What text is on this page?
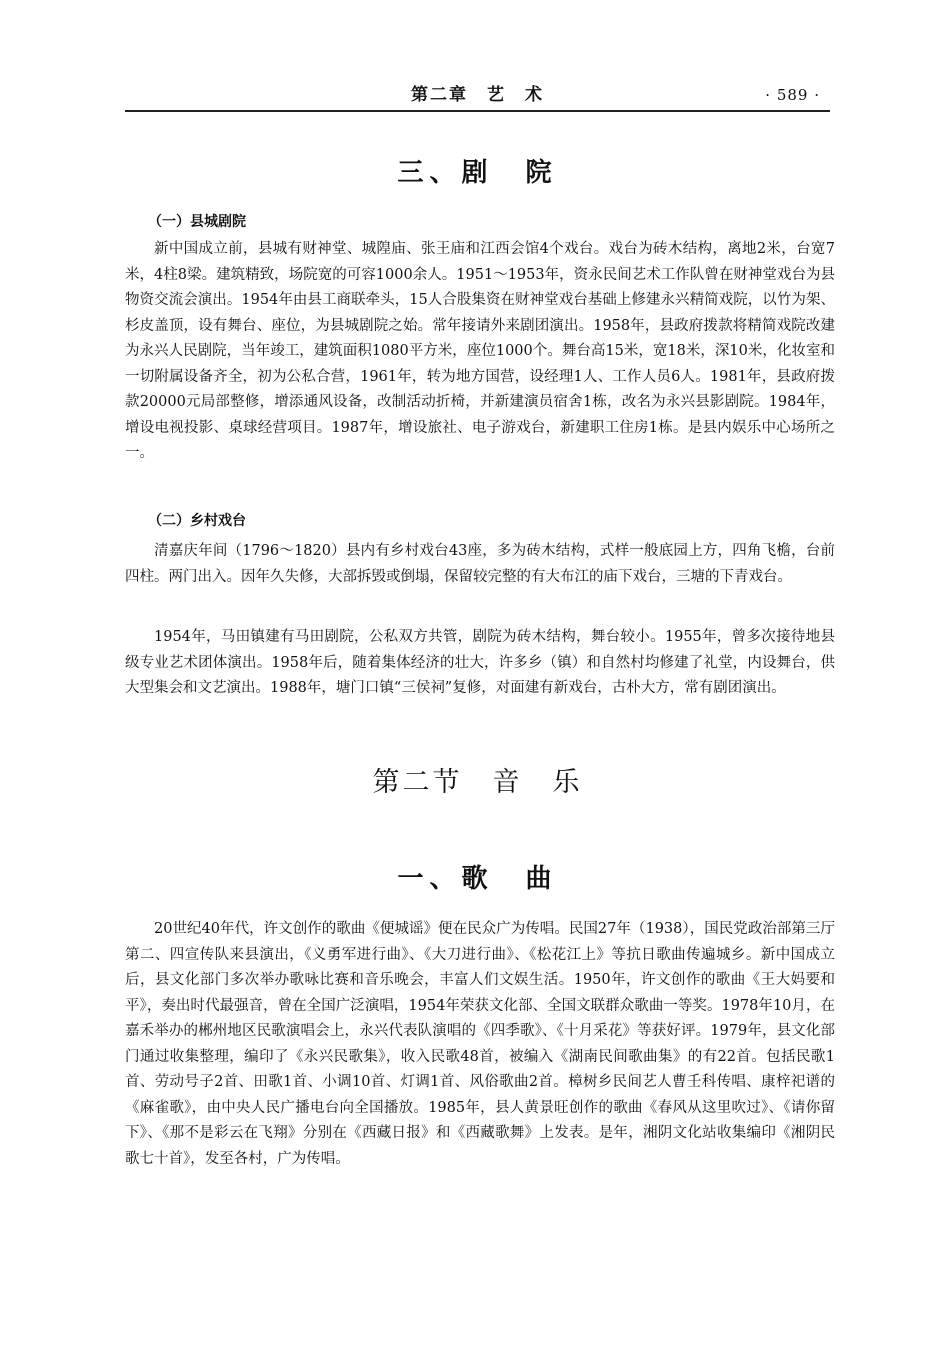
第二章　艺　术	· 589 ·
三、剧　院
（一）县城剧院

新中国成立前，县城有财神堂、城隍庙、张王庙和江西会馆4个戏台。戏台为砖木结构，离地2米，台宽7米，4柱8梁。建筑精致，场院宽的可容1000余人。1951～1953年，资永民间艺术工作队曾在财神堂戏台为县物资交流会演出。1954年由县工商联牵头，15人合股集资在财神堂戏台基础上修建永兴精简戏院，以竹为架、杉皮盖顶，设有舞台、座位，为县城剧院之始。常年接请外来剧团演出。1958年，县政府拨款将精简戏院改建为永兴人民剧院，当年竣工，建筑面积1080平方米，座位1000个。舞台高15米，宽18米，深10米，化妆室和一切附属设备齐全，初为公私合营，1961年，转为地方国营，设经理1人、工作人员6人。1981年，县政府拨款20000元局部整修，增添通风设备，改制活动折椅，并新建演员宿舍1栋，改名为永兴县影剧院。1984年，增设电视投影、桌球经营项目。1987年，增设旅社、电子游戏台，新建职工住房1栋。是县内娱乐中心场所之一。

（二）乡村戏台

清嘉庆年间（1796～1820）县内有乡村戏台43座，多为砖木结构，式样一般底园上方，四角飞檐，台前四柱。两门出入。因年久失修，大部拆毁或倒塌，保留较完整的有大布江的庙下戏台，三塘的下青戏台。

1954年，马田镇建有马田剧院，公私双方共管，剧院为砖木结构，舞台较小。1955年，曾多次接待地县级专业艺术团体演出。1958年后，随着集体经济的壮大，许多乡（镇）和自然村均修建了礼堂，内设舞台，供大型集会和文艺演出。1988年，塘门口镇“三侯祠”复修，对面建有新戏台，古朴大方，常有剧团演出。

第二节　音　乐
一、歌　曲

20世纪40年代，许文创作的歌曲《便城谣》便在民众广为传唱。民国27年（1938），国民党政治部第三厅第二、四宣传队来县演出，《义勇军进行曲》、《大刀进行曲》、《松花江上》等抗日歌曲传遍城乡。新中国成立后，县文化部门多次举办歌咏比赛和音乐晚会，丰富人们文娱生活。1950年，许文创作的歌曲《王大妈要和平》，奏出时代最强音，曾在全国广泛演唱，1954年荣获文化部、全国文联群众歌曲一等奖。1978年10月，在嘉禾举办的郴州地区民歌演唱会上，永兴代表队演唱的《四季歌》、《十月采花》等获好评。1979年，县文化部门通过收集整理，编印了《永兴民歌集》，收入民歌48首，被编入《湖南民间歌曲集》的有22首。包括民歌1首、劳动号子2首、田歌1首、小调10首、灯调1首、风俗歌曲2首。樟树乡民间艺人曹壬科传唱、康梓祀谱的《麻雀歌》，由中央人民广播电台向全国播放。1985年，县人黄景旺创作的歌曲《春风从这里吹过》、《请你留下》、《那不是彩云在飞翔》分别在《西藏日报》和《西藏歌舞》上发表。是年，湘阴文化站收集编印《湘阴民歌七十首》，发至各村，广为传唱。
